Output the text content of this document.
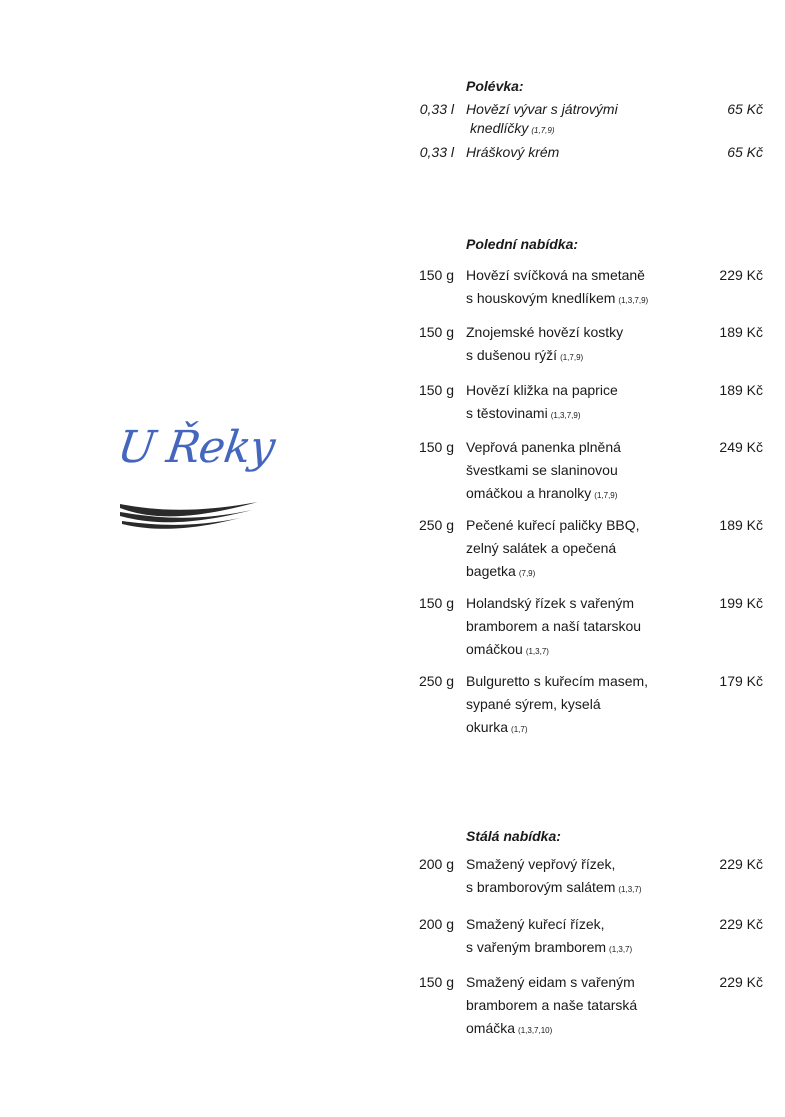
U Řeky
Polévka:
0,33 l Hovězí vývar s játrovými
knedlíčky (1,7,9)
65 Kč
0,33 l Hráškový krém	65 Kč
Polední nabídka:
150 g Hovězí svíčková na smetaně
s houskovým knedlíkem (1,3,7,9)
229 Kč
150 g Znojemské hovězí kostky
s dušenou rýží (1,7,9)
189 Kč
150 g Hovězí kližka na paprice
s těstovinami (1,3,7,9)
189 Kč
150 g Vepřová panenka plněná
švestkami se slaninovou
omáčkou a hranolky (1,7,9)
249 Kč
250 g Pečené kuřecí paličky BBQ,
zelný salátek a opečená
bagetka (7,9)
189 Kč
150 g Holandský řízek s vařeným
bramborem a naší tatarskou
omáčkou (1,3,7)
199 Kč
250 g Bulguretto s kuřecím masem,
sypané sýrem, kyselá
okurka (1,7)
179 Kč
Stálá nabídka:
200 g Smažený vepřový řízek,
s bramborovým salátem (1,3,7)
229 Kč
200 g Smažený kuřecí řízek,
s vařeným bramborem (1,3,7)
229 Kč
150 g Smažený eidam s vařeným
bramborem a naše tatarská
omáčka (1,3,7,10)
229 Kč
